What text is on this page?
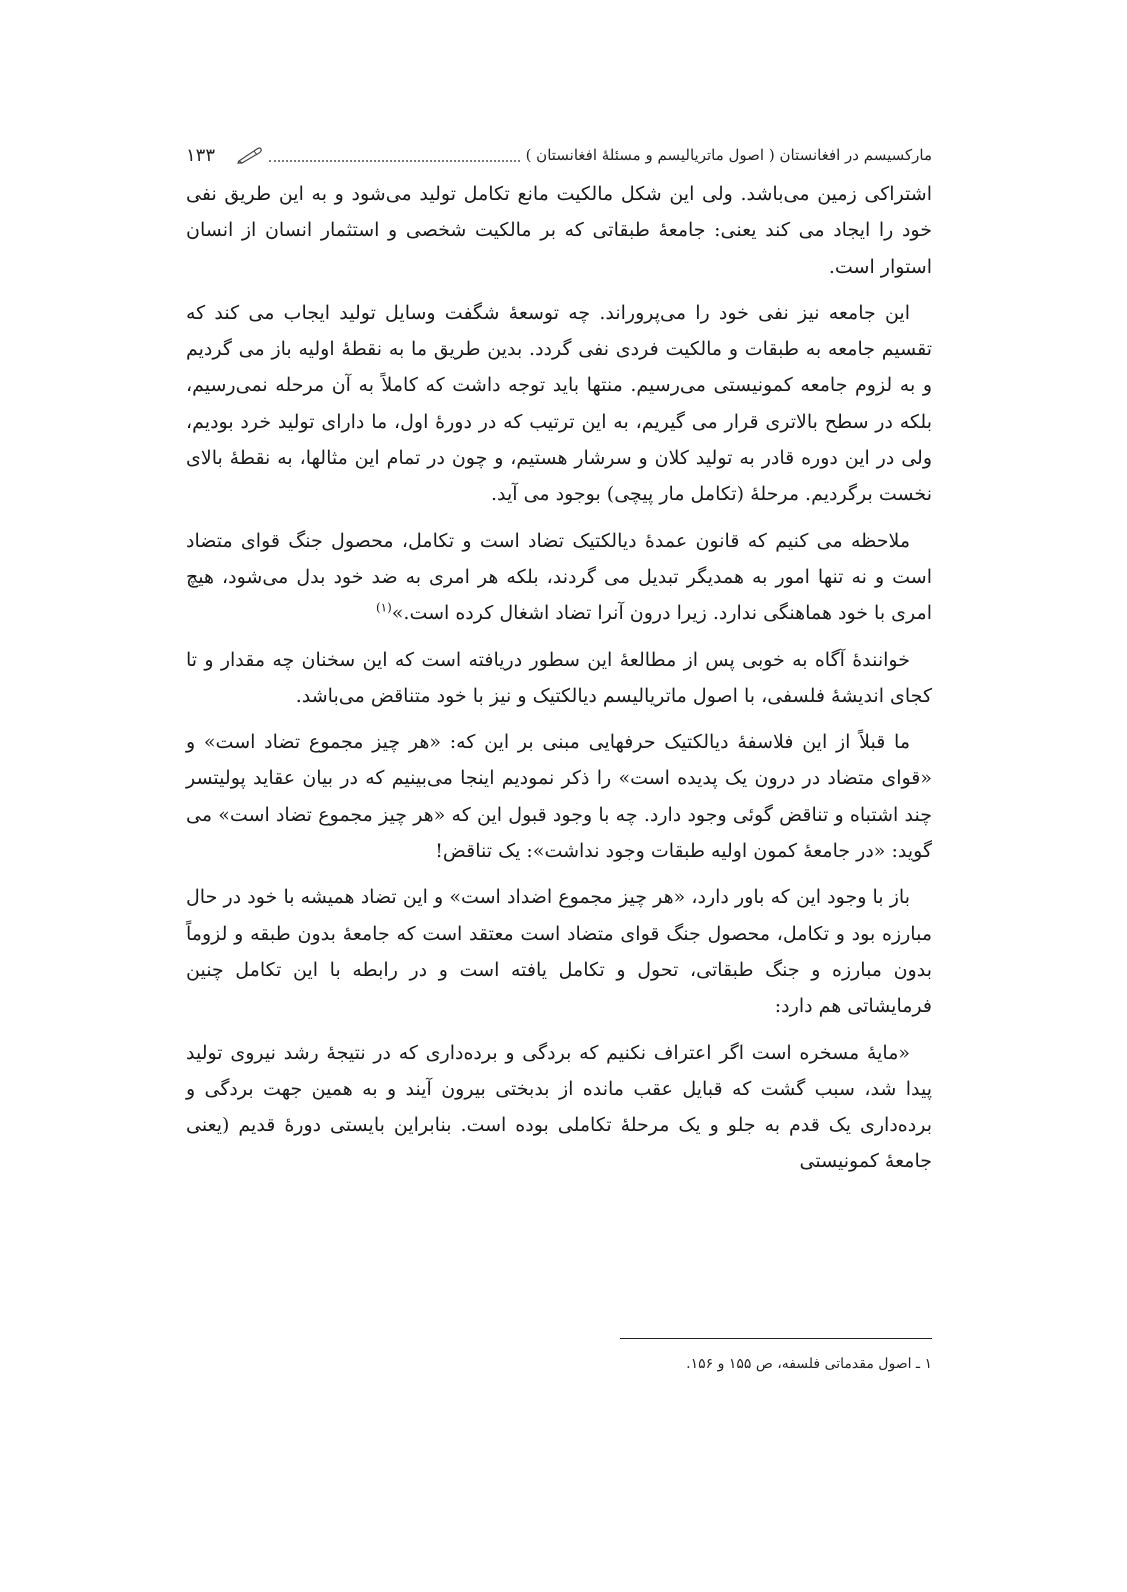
مارکسیسم در افغانستان ( اصول ماتریالیسم و مسئلهٔ افغانستان )
۱۳۳

اشتراکی زمین می‌باشد. ولی این شکل مالکیت مانع تکامل تولید می‌شود و به این طریق نفی خود را ایجاد می کند یعنی: جامعهٔ طبقاتی که بر مالکیت شخصی و استثمار انسان از انسان استوار است.

این جامعه نیز نفی خود را می‌پروراند. چه توسعهٔ شگفت وسایل تولید ایجاب می کند که تقسیم جامعه به طبقات و مالکیت فردی نفی گردد. بدین طریق ما به نقطهٔ اولیه باز می گردیم و به لزوم جامعه کمونیستی می‌رسیم. منتها باید توجه داشت که کاملاً به آن مرحله نمی‌رسیم، بلکه در سطح بالاتری قرار می گیریم، به این ترتیب که در دورهٔ اول، ما دارای تولید خرد بودیم، ولی در این دوره قادر به تولید کلان و سرشار هستیم، و چون در تمام این مثالها، به نقطهٔ بالای نخست برگردیم. مرحلهٔ (تکامل مار پیچی) بوجود می آید.

ملاحظه می کنیم که قانون عمدهٔ دیالکتیک تضاد است و تکامل، محصول جنگ قوای متضاد است و نه تنها امور به همدیگر تبدیل می گردند، بلکه هر امری به ضد خود بدل می‌شود، هیچ امری با خود هماهنگی ندارد. زیرا درون آنرا تضاد اشغال کرده است.»$^{(۱)}$

خوانندهٔ آگاه به خوبی پس از مطالعهٔ این سطور دریافته است که این سخنان چه مقدار و تا کجای اندیشهٔ فلسفی، با اصول ماتریالیسم دیالکتیک و نیز با خود متناقض می‌باشد.

ما قبلاً از این فلاسفهٔ دیالکتیک حرفهایی مبنی بر این که: «هر چیز مجموع تضاد است» و «قوای متضاد در درون یک پدیده است» را ذکر نمودیم اینجا می‌بینیم که در بیان عقاید پولیتسر چند اشتباه و تناقض گوئی وجود دارد. چه با وجود قبول این که «هر چیز مجموع تضاد است» می گوید: «در جامعهٔ کمون اولیه طبقات وجود نداشت»: یک تناقض!

باز با وجود این که باور دارد، «هر چیز مجموع اضداد است» و این تضاد همیشه با خود در حال مبارزه بود و تکامل، محصول جنگ قوای متضاد است معتقد است که جامعهٔ بدون طبقه و لزوماً بدون مبارزه و جنگ طبقاتی، تحول و تکامل یافته است و در رابطه با این تکامل چنین فرمایشاتی هم دارد:

«مایهٔ مسخره است اگر اعتراف نکنیم که بردگی و برده‌داری که در نتیجهٔ رشد نیروی تولید پیدا شد، سبب گشت که قبایل عقب مانده از بدبختی بیرون آیند و به همین جهت بردگی و برده‌داری یک قدم به جلو و یک مرحلهٔ تکاملی بوده است. بنابراین بایستی دورهٔ قدیم (یعنی جامعهٔ کمونیستی

۱ ـ اصول مقدماتی فلسفه، ص ۱۵۵ و ۱۵۶.
